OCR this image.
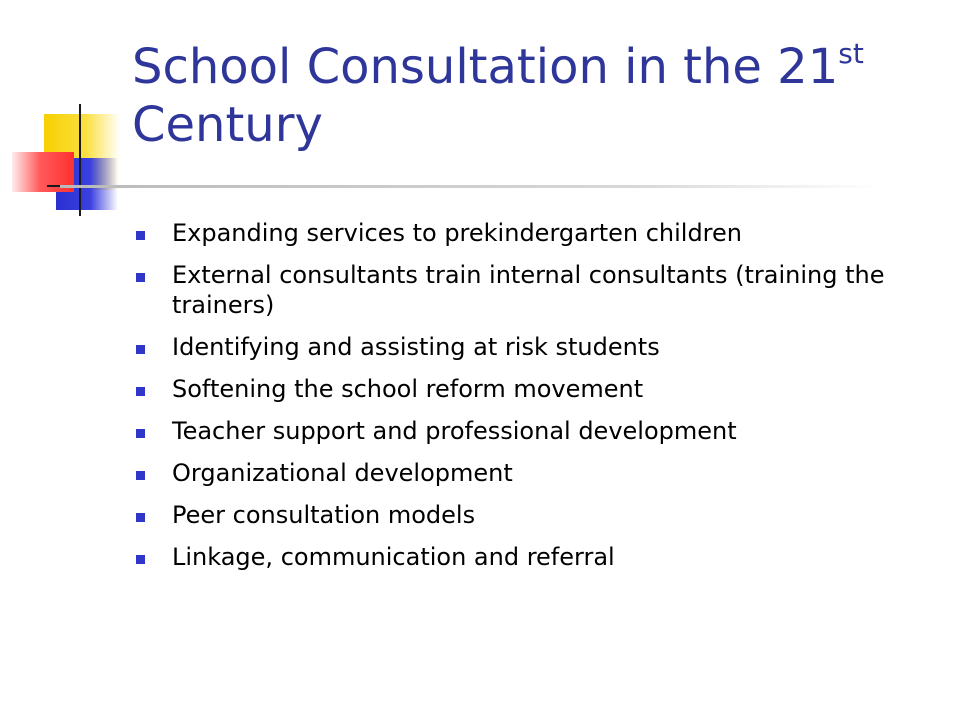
School Consultation in the 21st
Century
Expanding services to prekindergarten children
External consultants train internal consultants (training the trainers)
Identifying and assisting at risk students
Softening the school reform movement
Teacher support and professional development
Organizational development
Peer consultation models
Linkage, communication and referral
